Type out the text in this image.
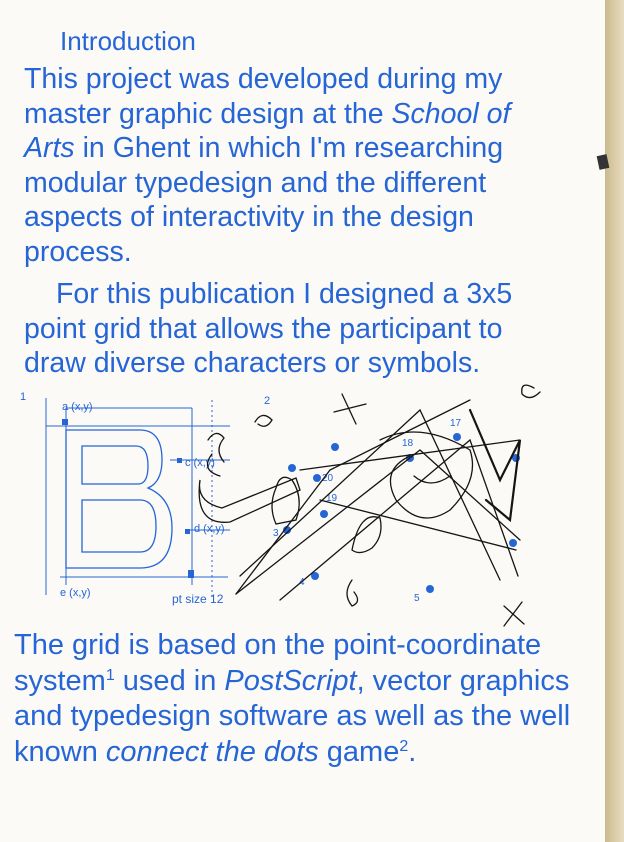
Introduction

This project was developed during my master graphic design at the School of Arts in Ghent in which I'm researching modular typedesign and the different aspects of interactivity in the design process.

For this publication I designed a 3x5 point grid that allows the participant to draw diverse characters or symbols.

1
a (x,y)
c (x,y)
d (x,y)
e (x,y)	pt size 12
2
20
19
3
4
5
17
18

The grid is based on the point-coordinate system$^1$ used in PostScript, vector graphics and typedesign software as well as the well known connect the dots game$^2$.
